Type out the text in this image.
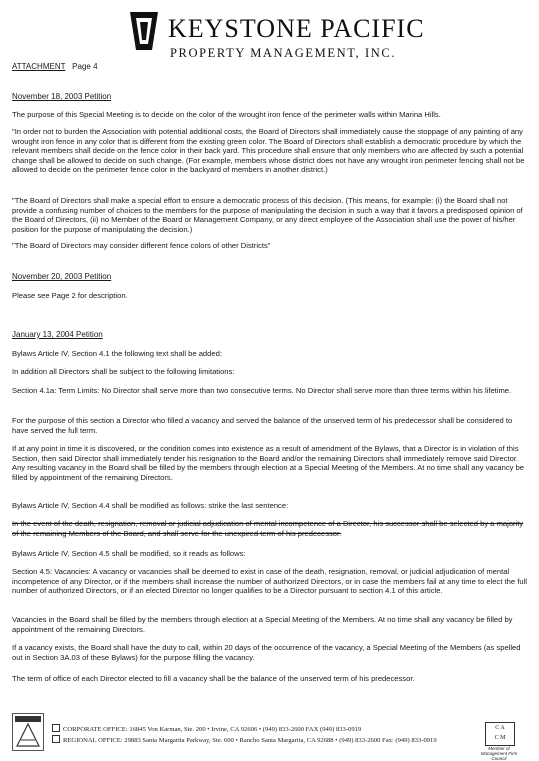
KEYSTONE PACIFIC
PROPERTY MANAGEMENT, INC.
ATTACHMENT Page 4
November 18, 2003 Petition
The purpose of this Special Meeting is to decide on the color of the wrought iron fence of the perimeter walls within Marina Hills.
"In order not to burden the Association with potential additional costs, the Board of Directors shall immediately cause the stoppage of any painting of any wrought iron fence in any color that is different from the existing green color. The Board of Directors shall establish a democratic procedure by which the relevant members shall decide on the fence color in their back yard. This procedure shall ensure that only members who are affected by such a potential change shall be allowed to decide on such change. (For example, members whose district does not have any wrought iron perimeter fencing shall not be allowed to decide on the perimeter fence color in the backyard of members in another district.)
"The Board of Directors shall make a special effort to ensure a democratic process of this decision. (This means, for example: (i) the Board shall not provide a confusing number of choices to the members for the purpose of manipulating the decision in such a way that it favors a predisposed opinion of the Board of Directors, (ii) no Member of the Board or Management Company, or any direct employee of the Association shall use the power of his/her position for the purpose of manipulating the decision.)
"The Board of Directors may consider different fence colors of other Districts"
November 20, 2003 Petition
Please see Page 2 for description.
January 13, 2004 Petition
Bylaws Article IV, Section 4.1 the following text shall be added:
In addition all Directors shall be subject to the following limitations:
Section 4.1a: Term Limits: No Director shall serve more than two consecutive terms. No Director shall serve more than three terms within his lifetime.
For the purpose of this section a Director who filled a vacancy and served the balance of the unserved term of his predecessor shall be considered to have served the full term.
If at any point in time it is discovered, or the condition comes into existence as a result of amendment of the Bylaws, that a Director is in violation of this Section, then said Director shall immediately tender his resignation to the Board and/or the remaining Directors shall immediately remove said Director. Any resulting vacancy in the Board shall be filled by the members through election at a Special Meeting of the Members. At no time shall any vacancy be filled by appointment of the remaining Directors.
Bylaws Article IV, Section 4.4 shall be modified as follows: strike the last sentence:
In the event of the death, resignation, removal or judicial adjudication of mental incompetence of a Director, his successor shall be selected by a majority of the remaining Members of the Board, and shall serve for the unexpired term of his predecessor.
Bylaws Article IV, Section 4.5 shall be modified, so it reads as follows:
Section 4.5: Vacancies: A vacancy or vacancies shall be deemed to exist in case of the death, resignation, removal, or judicial adjudication of mental incompetence of any Director, or if the members shall increase the number of authorized Directors, or in case the members fail at any time to elect the full number of authorized Directors, or if an elected Director no longer qualifies to be a Director pursuant to section 4.1 of this article.
Vacancies in the Board shall be filled by the members through election at a Special Meeting of the Members. At no time shall any vacancy be filled by appointment of the remaining Directors.
If a vacancy exists, the Board shall have the duty to call, within 20 days of the occurrence of the vacancy, a Special Meeting of the Members (as spelled out in Section 3A.03 of these Bylaws) for the purpose filling the vacancy.
The term of office of each Director elected to fill a vacancy shall be the balance of the unserved term of his predecessor.
CORPORATE OFFICE: 16845 Von Karman, Ste. 200 • Irvine, CA 92606 • (949) 833-2600 FAX (949) 833-0919
REGIONAL OFFICE: 29883 Santa Margarita Parkway, Ste. 600 • Rancho Santa Margarita, CA 92688 • (949) 833-2600 Fax: (949) 833-0919
C A
C M
Member of Management Firm Council
